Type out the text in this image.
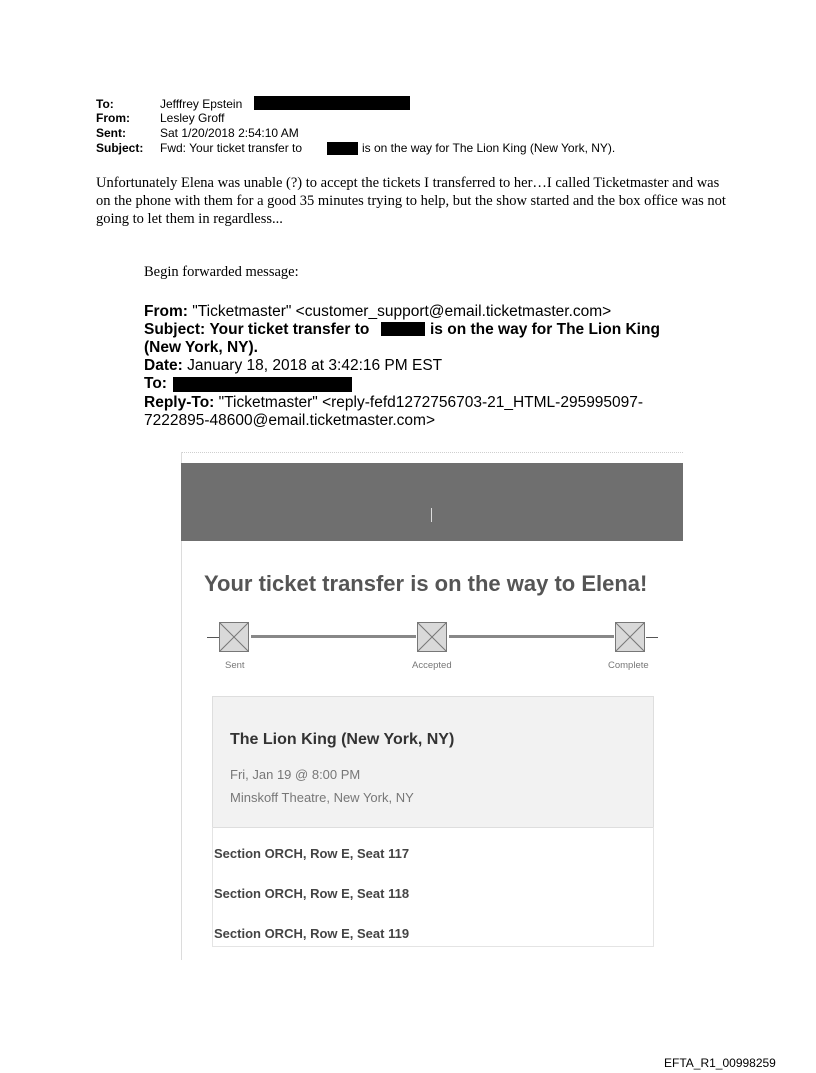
To:	Jefffrey Epstein
From:	Lesley Groff
Sent:	Sat 1/20/2018 2:54:10 AM
Subject: Fwd: Your ticket transfer to	is on the way for The Lion King (New York, NY).
Unfortunately Elena was unable (?) to accept the tickets I transferred to her…I called Ticketmaster and was on the phone with them for a good 35 minutes trying to help, but the show started and the box office was not going to let them in regardless...
Begin forwarded message:
From: "Ticketmaster" <customer_support@email.ticketmaster.com>
Subject: Your ticket transfer to	is on the way for The Lion King
(New York, NY).
Date: January 18, 2018 at 3:42:16 PM EST
To:
Reply-To: "Ticketmaster" <reply-fefd1272756703-21_HTML-295995097-
7222895-48600@email.ticketmaster.com>
Your ticket transfer is on the way to Elena!
Sent	Accepted	Complete
The Lion King (New York, NY)
Fri, Jan 19 @ 8:00 PM
Minskoff Theatre, New York, NY
Section ORCH, Row E, Seat 117
Section ORCH, Row E, Seat 118
Section ORCH, Row E, Seat 119
EFTA_R1_00998259
